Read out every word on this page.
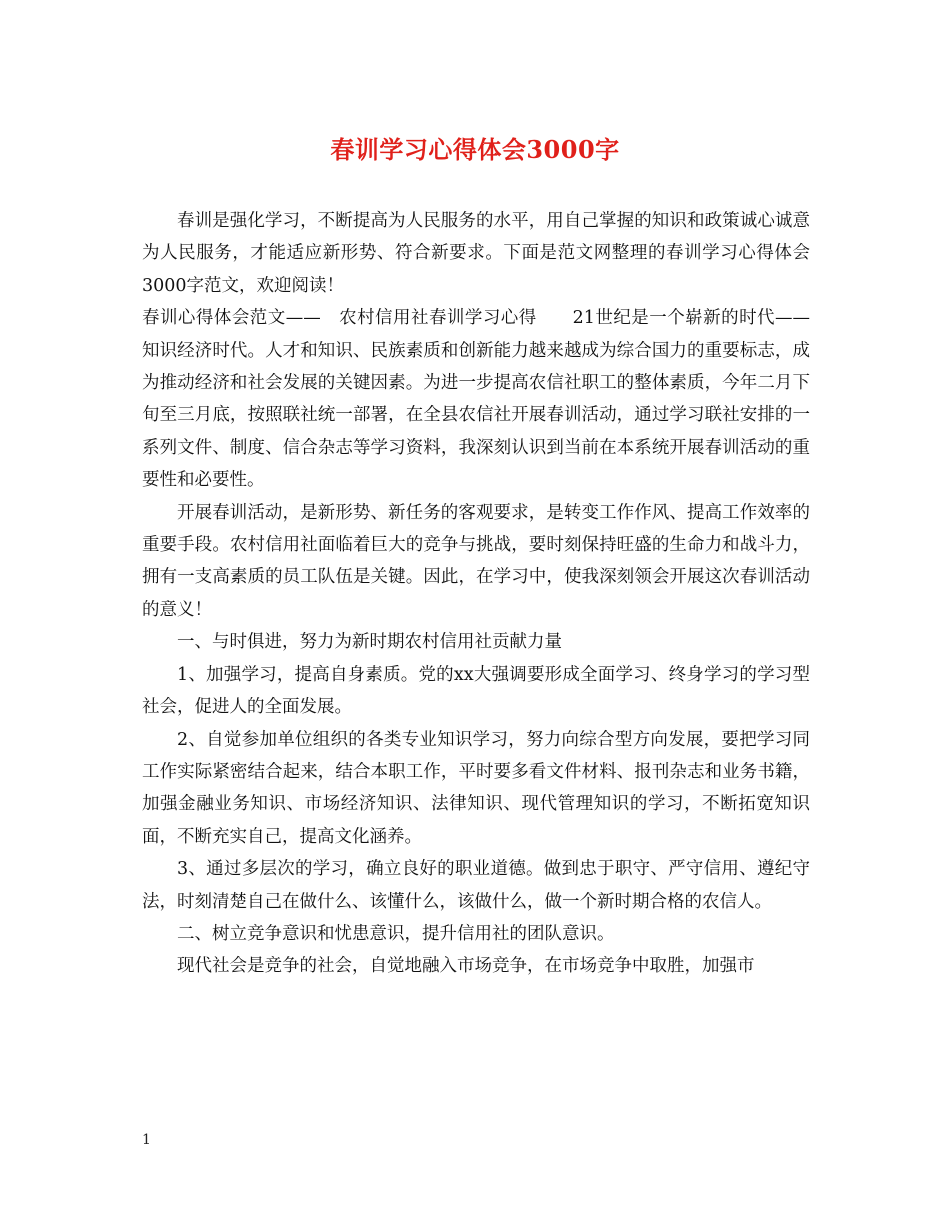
春训学习心得体会3000字

春训是强化学习，不断提高为人民服务的水平，用自己掌握的知识和政策诚心诚意为人民服务，才能适应新形势、符合新要求。下面是范文网整理的春训学习心得体会3000字范文，欢迎阅读！

春训心得体会范文——　农村信用社春训学习心得　　21世纪是一个崭新的时代——知识经济时代。人才和知识、民族素质和创新能力越来越成为综合国力的重要标志，成为推动经济和社会发展的关键因素。为进一步提高农信社职工的整体素质，今年二月下旬至三月底，按照联社统一部署，在全县农信社开展春训活动，通过学习联社安排的一系列文件、制度、信合杂志等学习资料，我深刻认识到当前在本系统开展春训活动的重要性和必要性。

开展春训活动，是新形势、新任务的客观要求，是转变工作作风、提高工作效率的重要手段。农村信用社面临着巨大的竞争与挑战，要时刻保持旺盛的生命力和战斗力，拥有一支高素质的员工队伍是关键。因此，在学习中，使我深刻领会开展这次春训活动的意义！

一、与时俱进，努力为新时期农村信用社贡献力量

1、加强学习，提高自身素质。党的xx大强调要形成全面学习、终身学习的学习型社会，促进人的全面发展。

2、自觉参加单位组织的各类专业知识学习，努力向综合型方向发展，要把学习同工作实际紧密结合起来，结合本职工作，平时要多看文件材料、报刊杂志和业务书籍，加强金融业务知识、市场经济知识、法律知识、现代管理知识的学习，不断拓宽知识面，不断充实自己，提高文化涵养。

3、通过多层次的学习，确立良好的职业道德。做到忠于职守、严守信用、遵纪守法，时刻清楚自己在做什么、该懂什么，该做什么，做一个新时期合格的农信人。

二、树立竞争意识和忧患意识，提升信用社的团队意识。

现代社会是竞争的社会，自觉地融入市场竞争，在市场竞争中取胜，加强市

1
